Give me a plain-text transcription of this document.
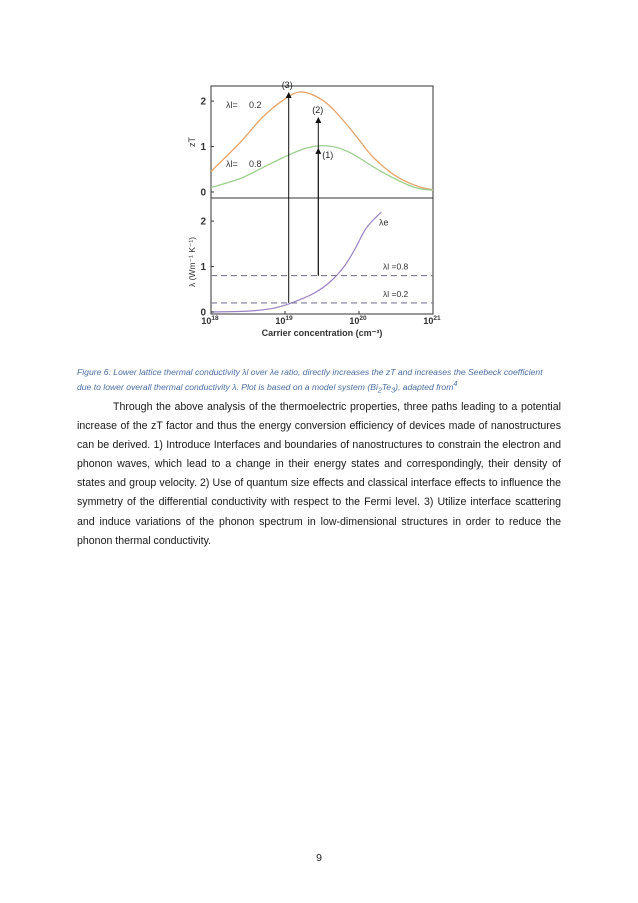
(3)
(2)
(1)
λl= 0.2
λl= 0.8
λe
λl =0.8
λl =0.2
0
1
2
0
1
2
zT
λ (Wm⁻¹ K⁻¹)
$10^{18}$	$10^{19}$	$10^{20}$	$10^{21}$
Carrier concentration (cm⁻³)

Figure 6: Lower lattice thermal conductivity λl over λe ratio, directly increases the zT and increases the Seebeck coefficient
due to lower overall thermal conductivity λ. Plot is based on a model system $(Bi_2Te_3)$, adapted from$^4$

Through the above analysis of the thermoelectric properties, three paths leading to a potential increase of the zT factor and thus the energy conversion efficiency of devices made of nanostructures can be derived. 1) Introduce Interfaces and boundaries of nanostructures to constrain the electron and phonon waves, which lead to a change in their energy states and correspondingly, their density of states and group velocity. 2) Use of quantum size effects and classical interface effects to influence the symmetry of the differential conductivity with respect to the Fermi level. 3) Utilize interface scattering and induce variations of the phonon spectrum in low-dimensional structures in order to reduce the phonon thermal conductivity.

9
